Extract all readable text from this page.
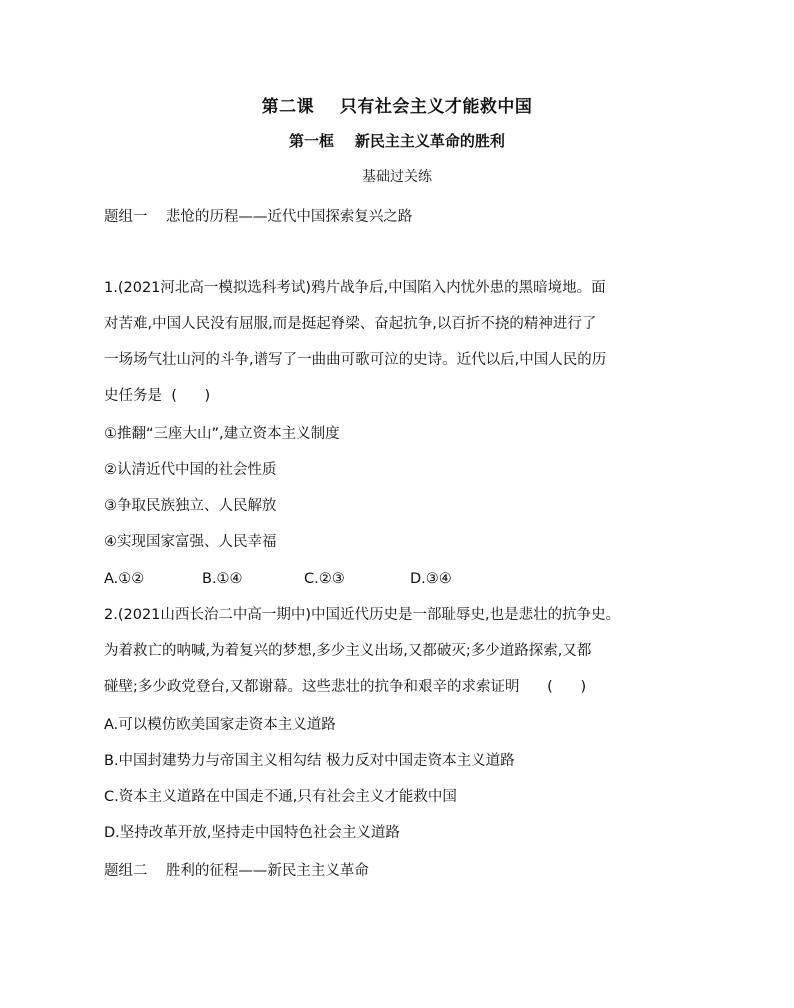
第二课    只有社会主义才能救中国
第一框    新民主主义革命的胜利
基础过关练
题组一    悲怆的历程——近代中国探索复兴之路
1.(2021河北高一模拟选科考试)鸦片战争后,中国陷入内忧外患的黑暗境地。面
对苦难,中国人民没有屈服,而是挺起脊梁、奋起抗争,以百折不挠的精神进行了
一场场气壮山河的斗争,谱写了一曲曲可歌可泣的史诗。近代以后,中国人民的历
史任务是  (      )
①推翻“三座大山”,建立资本主义制度
②认清近代中国的社会性质
③争取民族独立、人民解放
④实现国家富强、人民幸福
A.①②	B.①④	C.②③	D.③④
2.(2021山西长治二中高一期中)中国近代历史是一部耻辱史,也是悲壮的抗争史。
为着救亡的呐喊,为着复兴的梦想,多少主义出场,又都破灭;多少道路探索,又都
碰壁;多少政党登台,又都谢幕。这些悲壮的抗争和艰辛的求索证明      (      )
A.可以模仿欧美国家走资本主义道路
B.中国封建势力与帝国主义相勾结 极力反对中国走资本主义道路
C.资本主义道路在中国走不通,只有社会主义才能救中国
D.坚持改革开放,坚持走中国特色社会主义道路
题组二    胜利的征程——新民主主义革命
